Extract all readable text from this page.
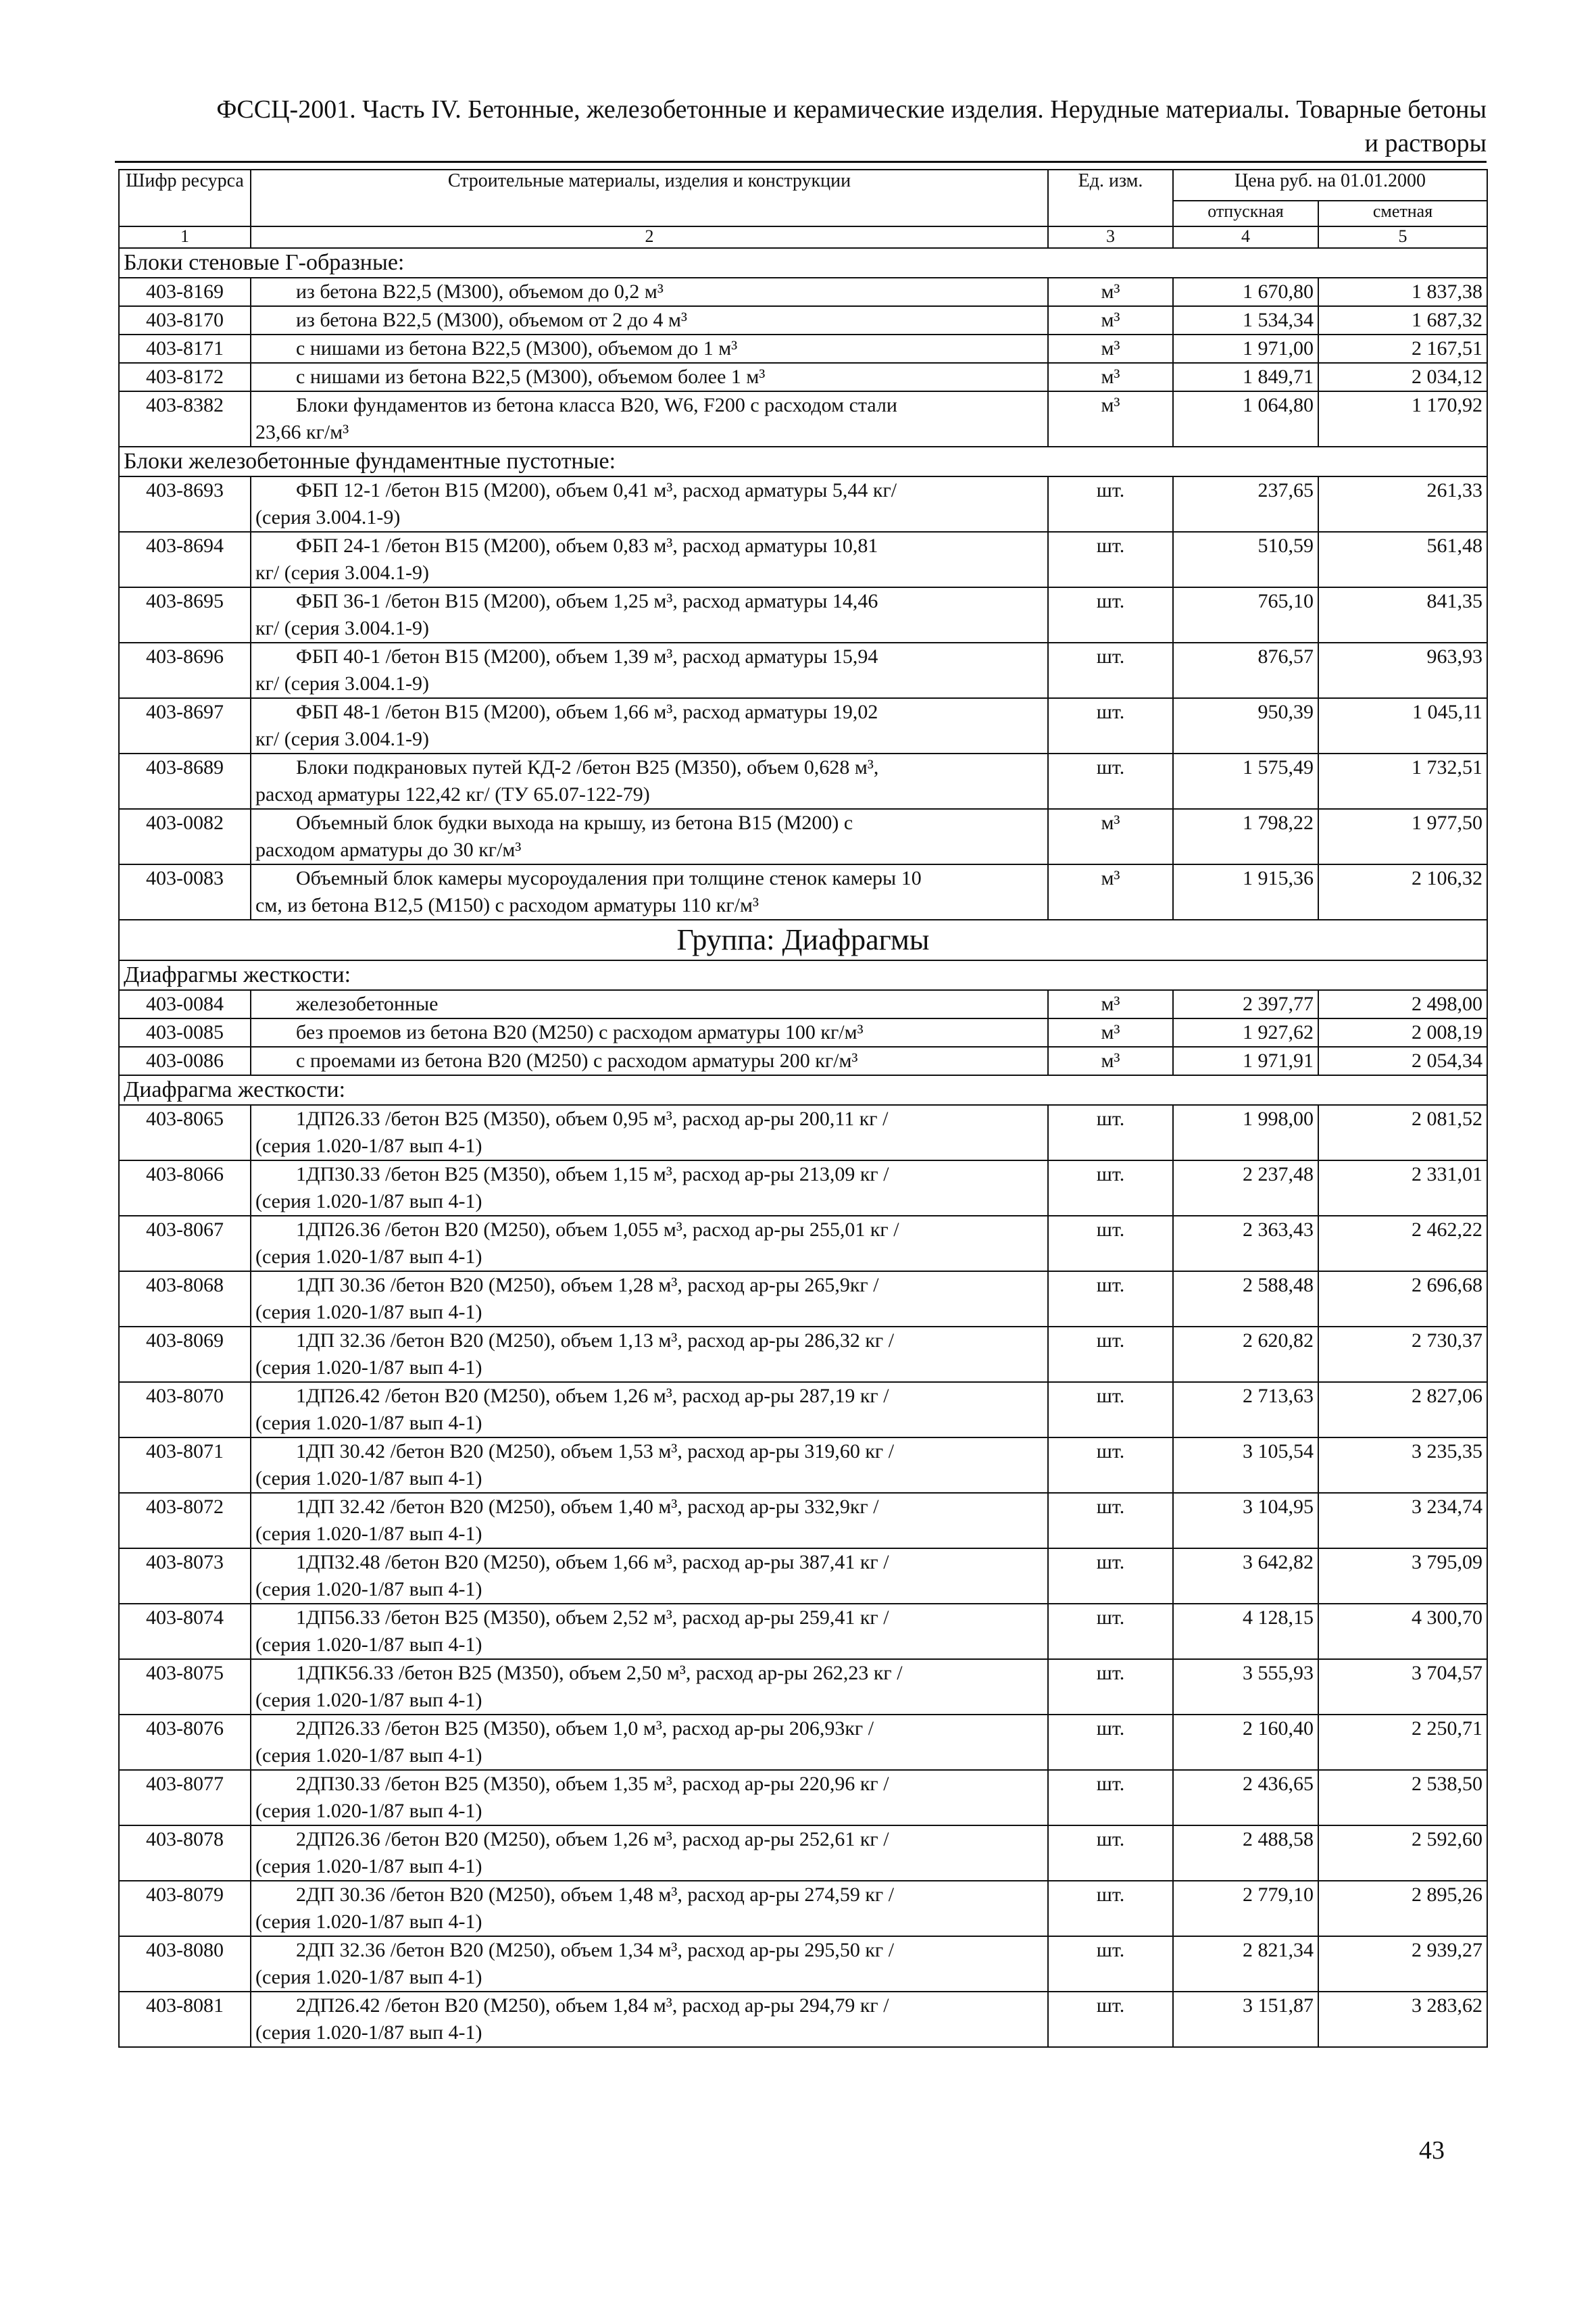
ФССЦ-2001. Часть IV. Бетонные, железобетонные и керамические изделия. Нерудные материалы. Товарные бетоны
и растворы
Шифр ресурса	Строительные материалы, изделия и конструкции	Ед. изм.	Цена руб. на 01.01.2000	
			отпускная	сметная
1	2	3	4	5
Блоки стеновые Г-образные:				
403-8169	из бетона В22,5 (М300), объемом до 0,2 м³	м³	1 670,80	1 837,38
403-8170	из бетона В22,5 (М300), объемом от 2 до 4 м³	м³	1 534,34	1 687,32
403-8171	с нишами из бетона В22,5 (М300), объемом до 1 м³	м³	1 971,00	2 167,51
403-8172	с нишами из бетона В22,5 (М300), объемом более 1 м³	м³	1 849,71	2 034,12
403-8382	Блоки фундаментов из бетона класса В20, W6, F200 с расходом стали
23,66 кг/м³	м³	1 064,80	1 170,92
Блоки железобетонные фундаментные пустотные:				
403-8693	ФБП 12-1 /бетон В15 (М200), объем 0,41 м³, расход арматуры 5,44 кг/
(серия 3.004.1-9)	шт.	237,65	261,33
403-8694	ФБП 24-1 /бетон В15 (М200), объем 0,83 м³, расход арматуры 10,81
кг/ (серия 3.004.1-9)	шт.	510,59	561,48
403-8695	ФБП 36-1 /бетон В15 (М200), объем 1,25 м³, расход арматуры 14,46
кг/ (серия 3.004.1-9)	шт.	765,10	841,35
403-8696	ФБП 40-1 /бетон В15 (М200), объем 1,39 м³, расход арматуры 15,94
кг/ (серия 3.004.1-9)	шт.	876,57	963,93
403-8697	ФБП 48-1 /бетон В15 (М200), объем 1,66 м³, расход арматуры 19,02
кг/ (серия 3.004.1-9)	шт.	950,39	1 045,11
403-8689	Блоки подкрановых путей КД-2 /бетон В25 (М350), объем 0,628 м³,
расход арматуры 122,42 кг/ (ТУ 65.07-122-79)	шт.	1 575,49	1 732,51
403-0082	Объемный блок будки выхода на крышу, из бетона В15 (М200) с
расходом арматуры до 30 кг/м³	м³	1 798,22	1 977,50
403-0083	Объемный блок камеры мусороудаления при толщине стенок камеры 10
см, из бетона В12,5 (М150) с расходом арматуры 110 кг/м³	м³	1 915,36	2 106,32
Группа: Диафрагмы				
Диафрагмы жесткости:				
403-0084	железобетонные	м³	2 397,77	2 498,00
403-0085	без проемов из бетона В20 (М250) с расходом арматуры 100 кг/м³	м³	1 927,62	2 008,19
403-0086	с проемами из бетона В20 (М250) с расходом арматуры 200 кг/м³	м³	1 971,91	2 054,34
Диафрагма жесткости:				
403-8065	1ДП26.33 /бетон В25 (М350), объем 0,95 м³, расход ар-ры 200,11 кг /
(серия 1.020-1/87 вып 4-1)	шт.	1 998,00	2 081,52
403-8066	1ДП30.33 /бетон В25 (М350), объем 1,15 м³, расход ар-ры 213,09 кг /
(серия 1.020-1/87 вып 4-1)	шт.	2 237,48	2 331,01
403-8067	1ДП26.36 /бетон В20 (М250), объем 1,055 м³, расход ар-ры 255,01 кг /
(серия 1.020-1/87 вып 4-1)	шт.	2 363,43	2 462,22
403-8068	1ДП 30.36 /бетон В20 (М250), объем 1,28 м³, расход ар-ры 265,9кг /
(серия 1.020-1/87 вып 4-1)	шт.	2 588,48	2 696,68
403-8069	1ДП 32.36 /бетон В20 (М250), объем 1,13 м³, расход ар-ры 286,32 кг /
(серия 1.020-1/87 вып 4-1)	шт.	2 620,82	2 730,37
403-8070	1ДП26.42 /бетон В20 (М250), объем 1,26 м³, расход ар-ры 287,19 кг /
(серия 1.020-1/87 вып 4-1)	шт.	2 713,63	2 827,06
403-8071	1ДП 30.42 /бетон В20 (М250), объем 1,53 м³, расход ар-ры 319,60 кг /
(серия 1.020-1/87 вып 4-1)	шт.	3 105,54	3 235,35
403-8072	1ДП 32.42 /бетон В20 (М250), объем 1,40 м³, расход ар-ры 332,9кг /
(серия 1.020-1/87 вып 4-1)	шт.	3 104,95	3 234,74
403-8073	1ДП32.48 /бетон В20 (М250), объем 1,66 м³, расход ар-ры 387,41 кг /
(серия 1.020-1/87 вып 4-1)	шт.	3 642,82	3 795,09
403-8074	1ДП56.33 /бетон В25 (М350), объем 2,52 м³, расход ар-ры 259,41 кг /
(серия 1.020-1/87 вып 4-1)	шт.	4 128,15	4 300,70
403-8075	1ДПК56.33 /бетон В25 (М350), объем 2,50 м³, расход ар-ры 262,23 кг /
(серия 1.020-1/87 вып 4-1)	шт.	3 555,93	3 704,57
403-8076	2ДП26.33 /бетон В25 (М350), объем 1,0 м³, расход ар-ры 206,93кг /
(серия 1.020-1/87 вып 4-1)	шт.	2 160,40	2 250,71
403-8077	2ДП30.33 /бетон В25 (М350), объем 1,35 м³, расход ар-ры 220,96 кг /
(серия 1.020-1/87 вып 4-1)	шт.	2 436,65	2 538,50
403-8078	2ДП26.36 /бетон В20 (М250), объем 1,26 м³, расход ар-ры 252,61 кг /
(серия 1.020-1/87 вып 4-1)	шт.	2 488,58	2 592,60
403-8079	2ДП 30.36 /бетон В20 (М250), объем 1,48 м³, расход ар-ры 274,59 кг /
(серия 1.020-1/87 вып 4-1)	шт.	2 779,10	2 895,26
403-8080	2ДП 32.36 /бетон В20 (М250), объем 1,34 м³, расход ар-ры 295,50 кг /
(серия 1.020-1/87 вып 4-1)	шт.	2 821,34	2 939,27
403-8081	2ДП26.42 /бетон В20 (М250), объем 1,84 м³, расход ар-ры 294,79 кг /
(серия 1.020-1/87 вып 4-1)	шт.	3 151,87	3 283,62
43
